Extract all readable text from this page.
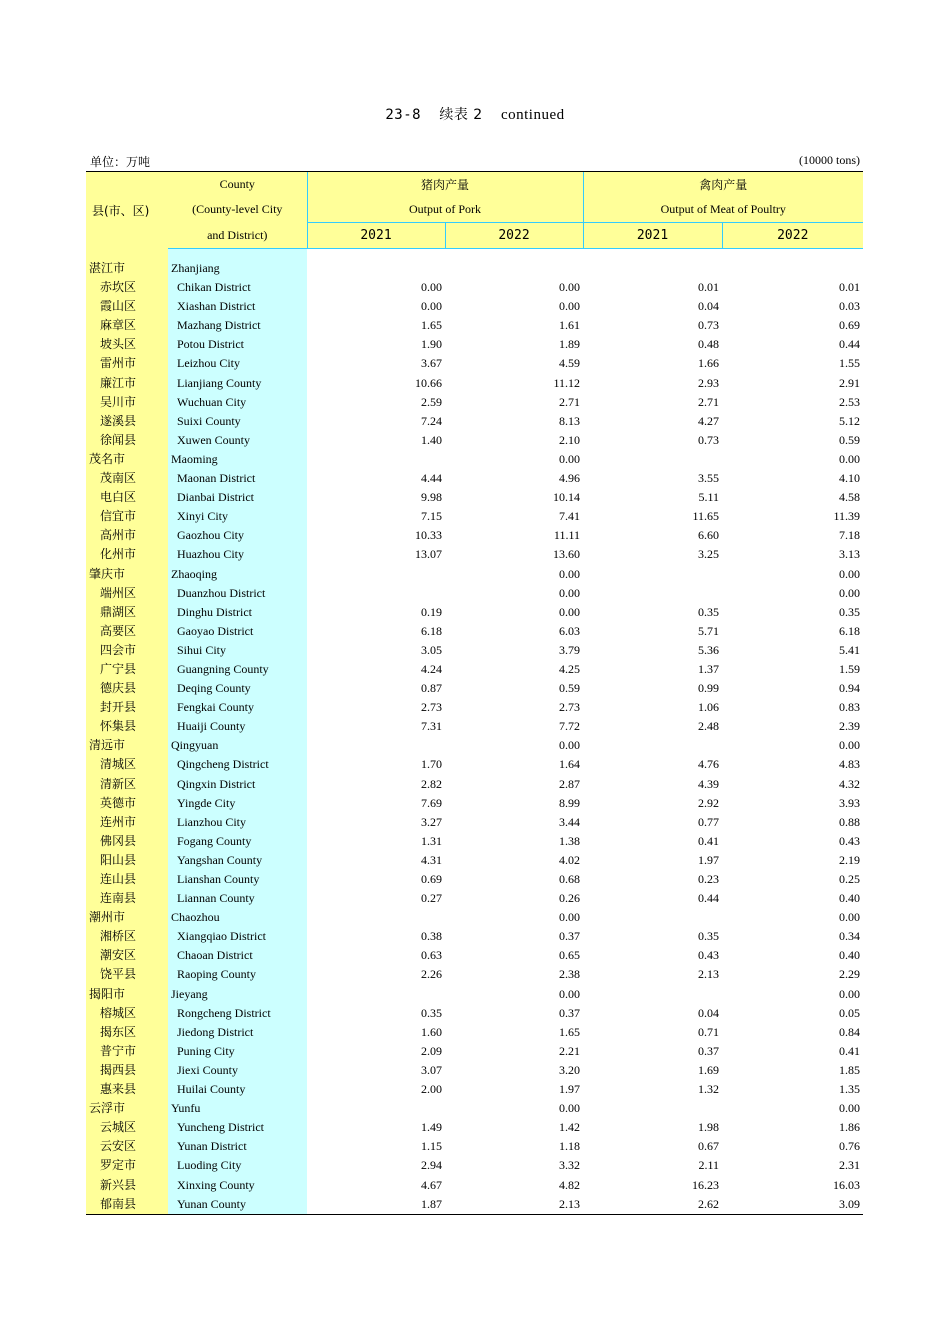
23-8 续表 2 continued
单位：万吨	(10000 tons)
县(市、区)	County	猪肉产量		禽肉产量	
	(County-level City	Output of Pork		Output of Meat of Poultry	
	and District)	2021	2022	2021	2022

湛江市	Zhanjiang				
赤坎区	Chikan District	0.00	0.00	0.01	0.01
霞山区	Xiashan District	0.00	0.00	0.04	0.03
麻章区	Mazhang District	1.65	1.61	0.73	0.69
坡头区	Potou District	1.90	1.89	0.48	0.44
雷州市	Leizhou City	3.67	4.59	1.66	1.55
廉江市	Lianjiang County	10.66	11.12	2.93	2.91
吴川市	Wuchuan City	2.59	2.71	2.71	2.53
遂溪县	Suixi County	7.24	8.13	4.27	5.12
徐闻县	Xuwen County	1.40	2.10	0.73	0.59
茂名市	Maoming		0.00		0.00
茂南区	Maonan District	4.44	4.96	3.55	4.10
电白区	Dianbai District	9.98	10.14	5.11	4.58
信宜市	Xinyi City	7.15	7.41	11.65	11.39
高州市	Gaozhou City	10.33	11.11	6.60	7.18
化州市	Huazhou City	13.07	13.60	3.25	3.13
肇庆市	Zhaoqing		0.00		0.00
端州区	Duanzhou District		0.00		0.00
鼎湖区	Dinghu District	0.19	0.00	0.35	0.35
高要区	Gaoyao District	6.18	6.03	5.71	6.18
四会市	Sihui City	3.05	3.79	5.36	5.41
广宁县	Guangning County	4.24	4.25	1.37	1.59
德庆县	Deqing County	0.87	0.59	0.99	0.94
封开县	Fengkai County	2.73	2.73	1.06	0.83
怀集县	Huaiji County	7.31	7.72	2.48	2.39
清远市	Qingyuan		0.00		0.00
清城区	Qingcheng District	1.70	1.64	4.76	4.83
清新区	Qingxin District	2.82	2.87	4.39	4.32
英德市	Yingde City	7.69	8.99	2.92	3.93
连州市	Lianzhou City	3.27	3.44	0.77	0.88
佛冈县	Fogang County	1.31	1.38	0.41	0.43
阳山县	Yangshan County	4.31	4.02	1.97	2.19
连山县	Lianshan County	0.69	0.68	0.23	0.25
连南县	Liannan County	0.27	0.26	0.44	0.40
潮州市	Chaozhou		0.00		0.00
湘桥区	Xiangqiao District	0.38	0.37	0.35	0.34
潮安区	Chaoan District	0.63	0.65	0.43	0.40
饶平县	Raoping County	2.26	2.38	2.13	2.29
揭阳市	Jieyang		0.00		0.00
榕城区	Rongcheng District	0.35	0.37	0.04	0.05
揭东区	Jiedong District	1.60	1.65	0.71	0.84
普宁市	Puning City	2.09	2.21	0.37	0.41
揭西县	Jiexi County	3.07	3.20	1.69	1.85
惠来县	Huilai County	2.00	1.97	1.32	1.35
云浮市	Yunfu		0.00		0.00
云城区	Yuncheng District	1.49	1.42	1.98	1.86
云安区	Yunan District	1.15	1.18	0.67	0.76
罗定市	Luoding City	2.94	3.32	2.11	2.31
新兴县	Xinxing County	4.67	4.82	16.23	16.03
郁南县	Yunan County	1.87	2.13	2.62	3.09
